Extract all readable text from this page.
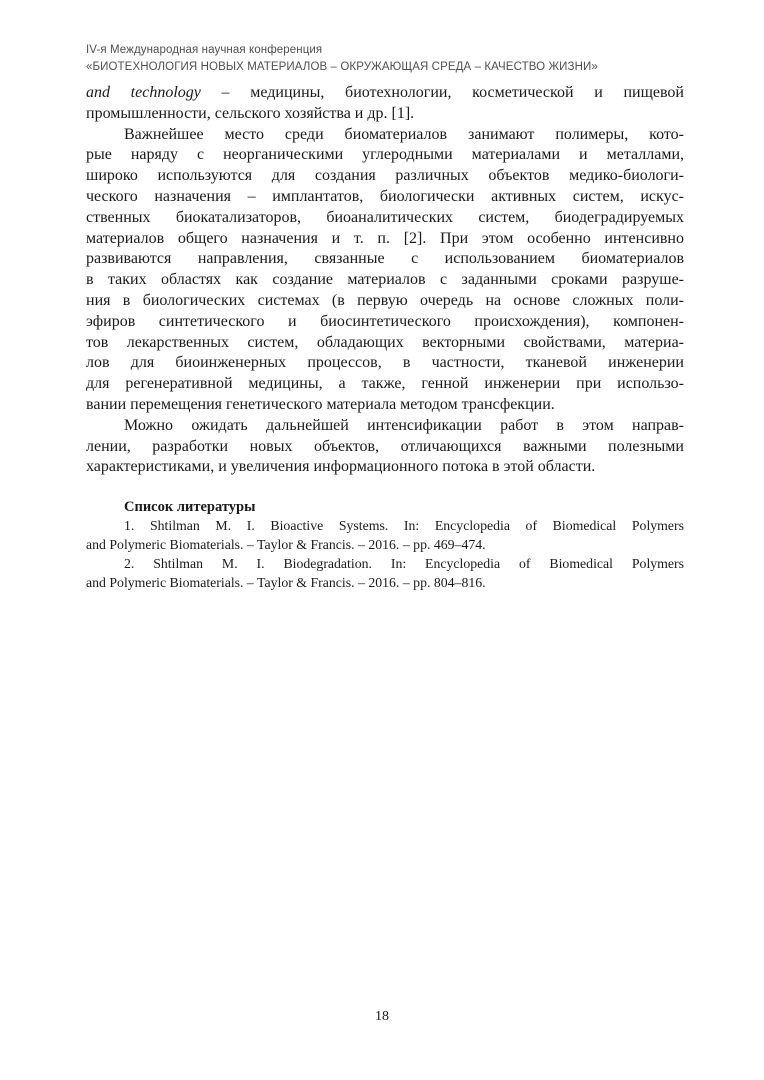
IV-я Международная научная конференция
«БИОТЕХНОЛОГИЯ НОВЫХ МАТЕРИАЛОВ – ОКРУЖАЮЩАЯ СРЕДА – КАЧЕСТВО ЖИЗНИ»
and technology – медицины, биотехнологии, косметической и пищевой
промышленности, сельского хозяйства и др. [1].
Важнейшее место среди биоматериалов занимают полимеры, кото-
рые наряду с неорганическими углеродными материалами и металлами,
широко используются для создания различных объектов медико-биологи-
ческого назначения – имплантатов, биологически активных систем, искус-
ственных биокатализаторов, биоаналитических систем, биодеградируемых
материалов общего назначения и т. п. [2]. При этом особенно интенсивно
развиваются направления, связанные с использованием биоматериалов
в таких областях как создание материалов с заданными сроками разруше-
ния в биологических системах (в первую очередь на основе сложных поли-
эфиров синтетического и биосинтетического происхождения), компонен-
тов лекарственных систем, обладающих векторными свойствами, материа-
лов для биоинженерных процессов, в частности, тканевой инженерии
для регенеративной медицины, а также, генной инженерии при использо-
вании перемещения генетического материала методом трансфекции.
Можно ожидать дальнейшей интенсификации работ в этом направ-
лении, разработки новых объектов, отличающихся важными полезными
характеристиками, и увеличения информационного потока в этой области.
Список литературы
1. Shtilman M. I. Bioactive Systems. In: Encyclopedia of Biomedical Polymers
and Polymeric Biomaterials. – Taylor & Francis. – 2016. – pp. 469–474.
2. Shtilman M. I. Biodegradation. In: Encyclopedia of Biomedical Polymers
and Polymeric Biomaterials. – Taylor & Francis. – 2016. – pp. 804–816.
18
